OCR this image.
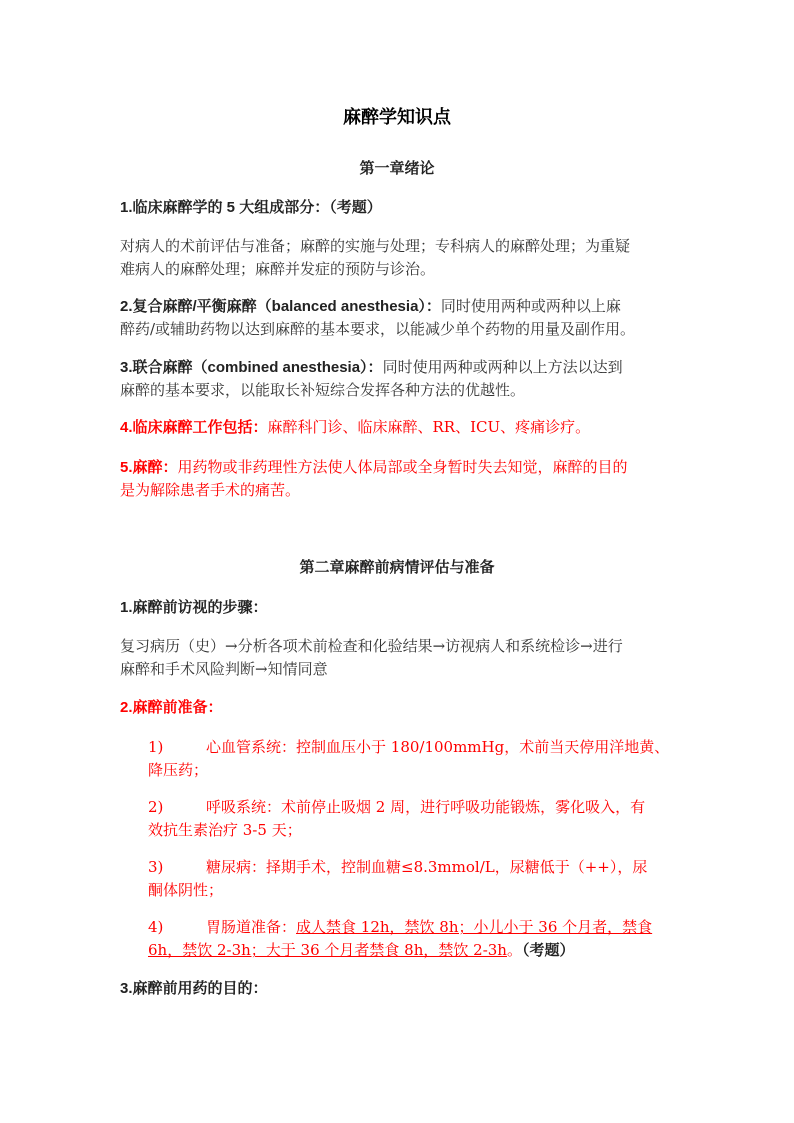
麻醉学知识点
第一章绪论
1.临床麻醉学的 5 大组成部分：（考题）
对病人的术前评估与准备；麻醉的实施与处理；专科病人的麻醉处理；为重疑
难病人的麻醉处理；麻醉并发症的预防与诊治。
2.复合麻醉/平衡麻醉（balanced anesthesia）：同时使用两种或两种以上麻
醉药/或辅助药物以达到麻醉的基本要求，以能减少单个药物的用量及副作用。
3.联合麻醉（combined anesthesia）：同时使用两种或两种以上方法以达到
麻醉的基本要求，以能取长补短综合发挥各种方法的优越性。
4.临床麻醉工作包括：麻醉科门诊、临床麻醉、RR、ICU、疼痛诊疗。
5.麻醉：用药物或非药理性方法使人体局部或全身暂时失去知觉，麻醉的目的
是为解除患者手术的痛苦。
第二章麻醉前病情评估与准备
1.麻醉前访视的步骤：
复习病历（史）→分析各项术前检查和化验结果→访视病人和系统检诊→进行
麻醉和手术风险判断→知情同意
2.麻醉前准备：
1)	心血管系统：控制血压小于 180/100mmHg，术前当天停用洋地黄、
降压药；
2)	呼吸系统：术前停止吸烟 2 周，进行呼吸功能锻炼，雾化吸入，有
效抗生素治疗 3-5 天；
3)	糖尿病：择期手术，控制血糖≤8.3mmol/L，尿糖低于（++），尿
酮体阴性；
4)	胃肠道准备：成人禁食 12h，禁饮 8h；小儿小于 36 个月者，禁食
6h，禁饮 2-3h；大于 36 个月者禁食 8h，禁饮 2-3h。（考题）
3.麻醉前用药的目的：
